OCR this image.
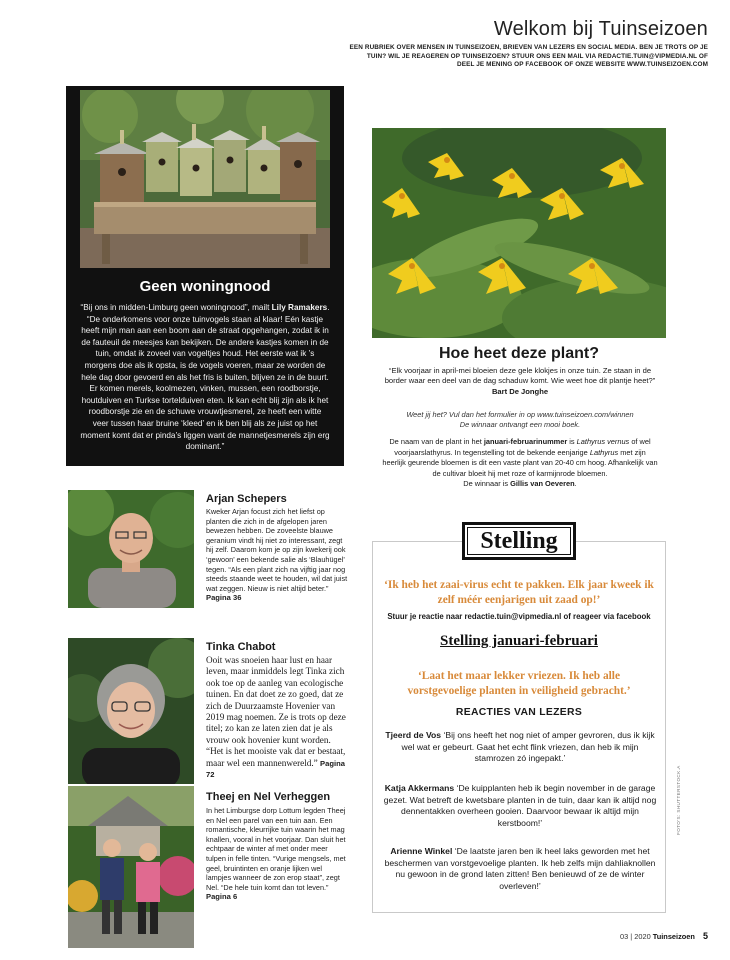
Welkom bij Tuinseizoen
EEN RUBRIEK OVER MENSEN IN TUINSEIZOEN, BRIEVEN VAN LEZERS EN SOCIAL MEDIA. BEN JE TROTS OP JE TUIN? WIL JE REAGEREN OP TUINSEIZOEN? STUUR ONS EEN MAIL VIA REDACTIE.TUIN@VIPMEDIA.NL OF DEEL JE MENING OP FACEBOOK OF ONZE WEBSITE WWW.TUINSEIZOEN.COM
Geen woningnood
“Bij ons in midden-Limburg geen woningnood”, mailt Lily Ramakers. “De onderkomens voor onze tuinvogels staan al klaar! Eén kastje heeft mijn man aan een boom aan de straat opgehangen, zodat ik in de fauteuil de meesjes kan bekijken. De andere kastjes komen in de tuin, omdat ik zoveel van vogeltjes houd. Het eerste wat ik ’s morgens doe als ik opsta, is de vogels voeren, maar ze worden de hele dag door gevoerd en als het fris is buiten, blijven ze in de buurt. Er komen merels, koolmezen, vinken, mussen, een roodborstje, houtduiven en Turkse tortelduiven eten. Ik kan echt blij zijn als ik het roodborstje zie en de schuwe vrouwtjesmerel, ze heeft een witte veer tussen haar bruine ‘kleed’ en ik ben blij als ze juist op het moment komt dat er pinda’s liggen want de mannetjesmerels zijn erg dominant.”
Hoe heet deze plant?
“Elk voorjaar in april-mei bloeien deze gele klokjes in onze tuin. Ze staan in de border waar een deel van de dag schaduw komt. Wie weet hoe dit plantje heet?”
Bart De Jonghe
Weet jij het? Vul dan het formulier in op www.tuinseizoen.com/winnen
De winnaar ontvangt een mooi boek.
De naam van de plant in het januari-februarinummer is Lathyrus vernus of wel voorjaarslathyrus. In tegenstelling tot de bekende eenjarige Lathyrus met zijn heerlijk geurende bloemen is dit een vaste plant van 20-40 cm hoog. Afhankelijk van de cultivar bloeit hij met roze of karmijnrode bloemen.
De winnaar is Gillis van Oeveren.
Arjan Schepers
Kweker Arjan focust zich het liefst op planten die zich in de afgelopen jaren bewezen hebben. De zoveelste blauwe geranium vindt hij niet zo interessant, zegt hij zelf. Daarom kom je op zijn kwekerij ook ‘gewoon’ een bekende salie als ‘Blauhügel’ tegen. “Als een plant zich na vijftig jaar nog steeds staande weet te houden, wil dat juist wat zeggen. Nieuw is niet altijd beter.” Pagina 36
Tinka Chabot
Ooit was snoeien haar lust en haar leven, maar inmiddels legt Tinka zich ook toe op de aanleg van ecologische tuinen. En dat doet ze zo goed, dat ze zich de Duurzaamste Hovenier van 2019 mag noemen. Ze is trots op deze titel; zo kan ze laten zien dat je als vrouw ook hovenier kunt worden. “Het is het mooiste vak dat er bestaat, maar wel een mannenwereld.” Pagina 72
Theej en Nel Verheggen
In het Limburgse dorp Lottum legden Theej en Nel een parel van een tuin aan. Een romantische, kleurrijke tuin waarin het mag knallen, vooral in het voorjaar. Dan sluit het echtpaar de winter af met onder meer tulpen in felle tinten. “Vurige mengsels, met geel, bruintinten en oranje lijken wel lampjes wanneer de zon erop staat”, zegt Nel. “De hele tuin komt dan tot leven.” Pagina 6
Stelling
‘Ik heb het zaai-virus echt te pakken. Elk jaar kweek ik zelf méér eenjarigen uit zaad op!’
Stuur je reactie naar redactie.tuin@vipmedia.nl of reageer via facebook
Stelling januari-februari
‘Laat het maar lekker vriezen. Ik heb alle vorstgevoelige planten in veiligheid gebracht.’
REACTIES VAN LEZERS
Tjeerd de Vos ‘Bij ons heeft het nog niet of amper gevroren, dus ik kijk wel wat er gebeurt. Gaat het echt flink vriezen, dan heb ik mijn stamrozen zó ingepakt.’
Katja Akkermans ‘De kuipplanten heb ik begin november in de garage gezet. Wat betreft de kwetsbare planten in de tuin, daar kan ik altijd nog dennentakken overheen gooien. Daarvoor bewaar ik altijd mijn kerstboom!’
Arienne Winkel ‘De laatste jaren ben ik heel laks geworden met het beschermen van vorstgevoelige planten. Ik heb zelfs mijn dahliaknollen nu gewoon in de grond laten zitten! Ben benieuwd of ze de winter overleven!’
FOTO'S: SHUTTERSTOCK.A
03 | 2020 Tuinseizoen 5
